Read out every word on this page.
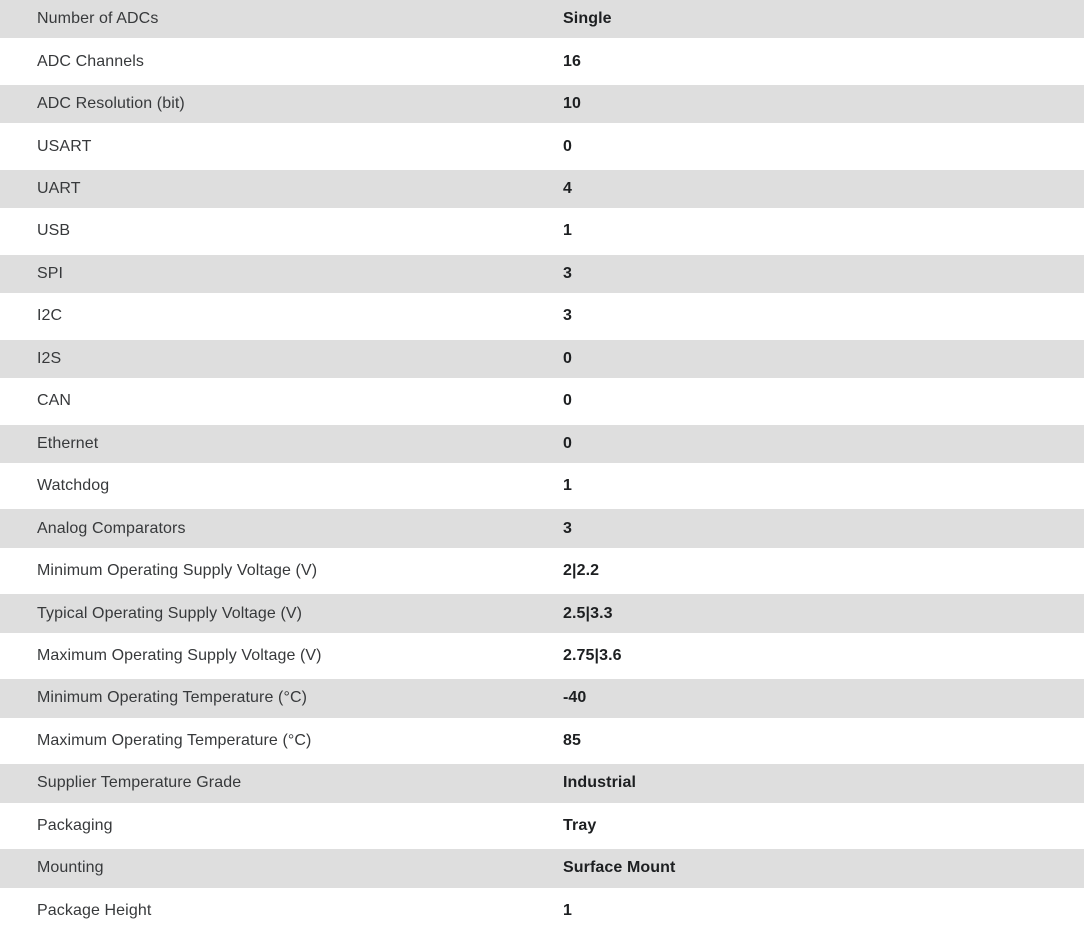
Number of ADCs	Single
ADC Channels	16
ADC Resolution (bit)	10
USART	0
UART	4
USB	1
SPI	3
I2C	3
I2S	0
CAN	0
Ethernet	0
Watchdog	1
Analog Comparators	3
Minimum Operating Supply Voltage (V)	2|2.2
Typical Operating Supply Voltage (V)	2.5|3.3
Maximum Operating Supply Voltage (V)	2.75|3.6
Minimum Operating Temperature (°C)	-40
Maximum Operating Temperature (°C)	85
Supplier Temperature Grade	Industrial
Packaging	Tray
Mounting	Surface Mount
Package Height	1
